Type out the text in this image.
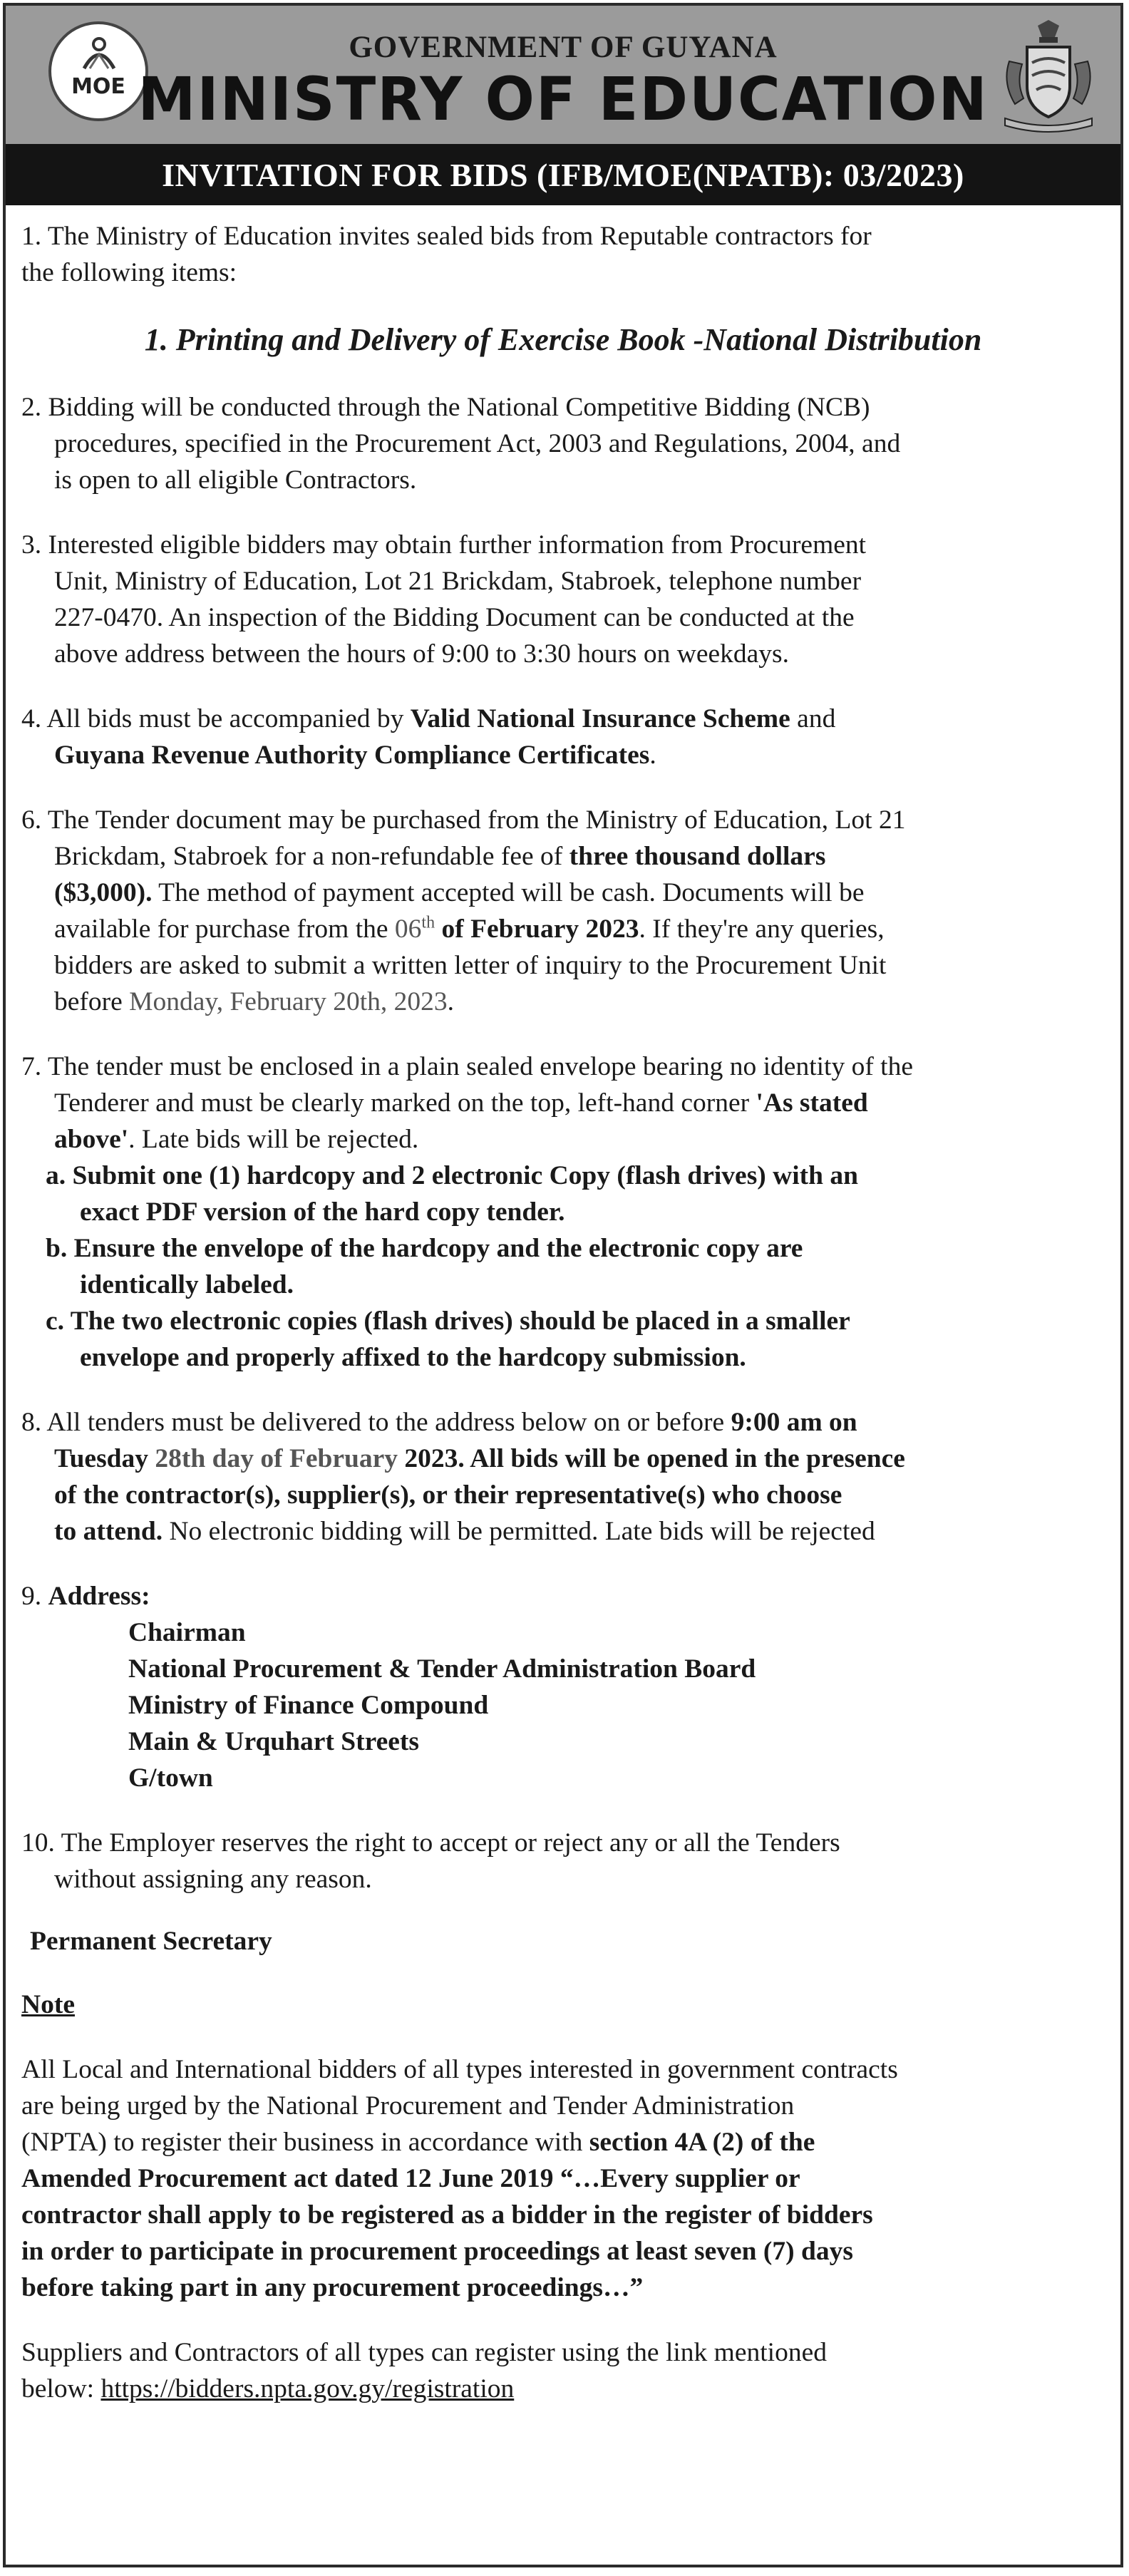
MOE
GOVERNMENT OF GUYANA
MINISTRY OF EDUCATION
INVITATION FOR BIDS (IFB/MOE(NPATB): 03/2023)
1. The Ministry of Education invites sealed bids from Reputable contractors for
the following items:
1. Printing and Delivery of Exercise Book -National Distribution
2. Bidding will be conducted through the National Competitive Bidding (NCB)
procedures, specified in the Procurement Act, 2003 and Regulations, 2004, and
is open to all eligible Contractors.
3. Interested eligible bidders may obtain further information from Procurement
Unit, Ministry of Education, Lot 21 Brickdam, Stabroek, telephone number
227-0470. An inspection of the Bidding Document can be conducted at the
above address between the hours of 9:00 to 3:30 hours on weekdays.
4. All bids must be accompanied by Valid National Insurance Scheme and
Guyana Revenue Authority Compliance Certificates.
6. The Tender document may be purchased from the Ministry of Education, Lot 21
Brickdam, Stabroek for a non-refundable fee of three thousand dollars
($3,000). The method of payment accepted will be cash. Documents will be
available for purchase from the 06th of February 2023. If they're any queries,
bidders are asked to submit a written letter of inquiry to the Procurement Unit
before Monday, February 20th, 2023.
7. The tender must be enclosed in a plain sealed envelope bearing no identity of the
Tenderer and must be clearly marked on the top, left-hand corner 'As stated
above'. Late bids will be rejected.
a. Submit one (1) hardcopy and 2 electronic Copy (flash drives) with an
exact PDF version of the hard copy tender.
b. Ensure the envelope of the hardcopy and the electronic copy are
identically labeled.
c. The two electronic copies (flash drives) should be placed in a smaller
envelope and properly affixed to the hardcopy submission.
8. All tenders must be delivered to the address below on or before 9:00 am on
Tuesday 28th day of February 2023. All bids will be opened in the presence
of the contractor(s), supplier(s), or their representative(s) who choose
to attend. No electronic bidding will be permitted. Late bids will be rejected
9. Address:
Chairman
National Procurement & Tender Administration Board
Ministry of Finance Compound
Main & Urquhart Streets
G/town
10. The Employer reserves the right to accept or reject any or all the Tenders
without assigning any reason.
Permanent Secretary
Note
All Local and International bidders of all types interested in government contracts
are being urged by the National Procurement and Tender Administration
(NPTA) to register their business in accordance with section 4A (2) of the
Amended Procurement act dated 12 June 2019 “…Every supplier or
contractor shall apply to be registered as a bidder in the register of bidders
in order to participate in procurement proceedings at least seven (7) days
before taking part in any procurement proceedings…”
Suppliers and Contractors of all types can register using the link mentioned
below: https://bidders.npta.gov.gy/registration
